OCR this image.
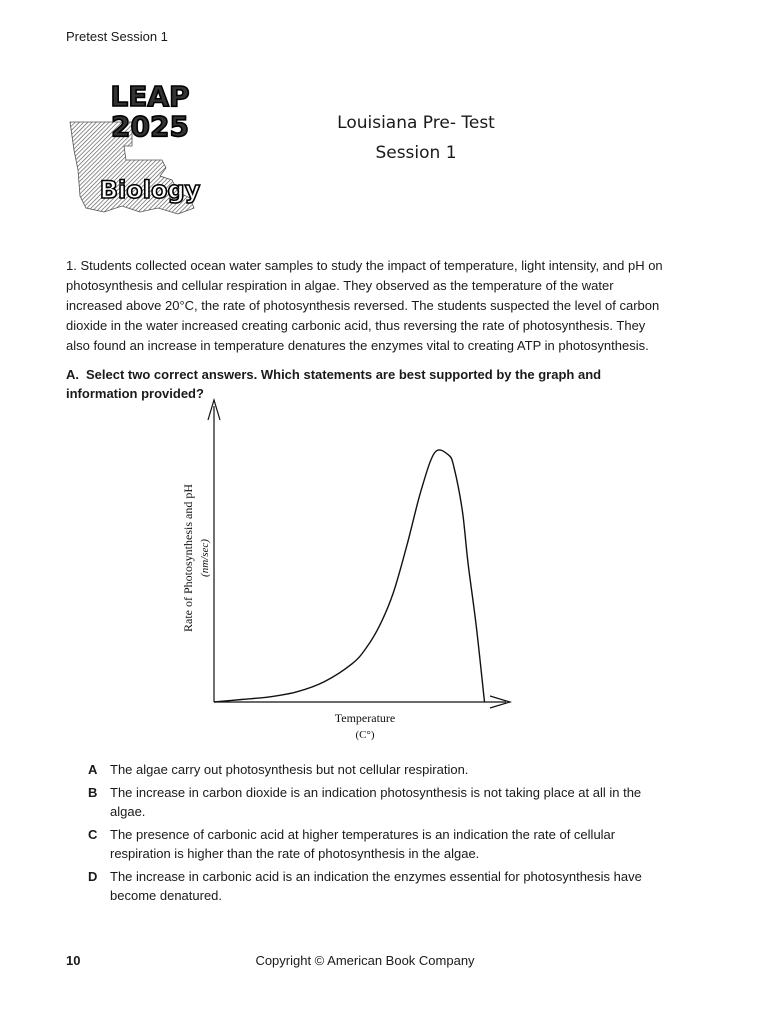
Pretest Session 1
LEAP
2025
Biology
Louisiana Pre- Test
Session 1

1. Students collected ocean water samples to study the impact of temperature, light intensity, and pH on photosynthesis and cellular respiration in algae. They observed as the temperature of the water increased above 20°C, the rate of photosynthesis reversed. The students suspected the level of carbon dioxide in the water increased creating carbonic acid, thus reversing the rate of photosynthesis. They also found an increase in temperature denatures the enzymes vital to creating ATP in photosynthesis.

A. Select two correct answers. Which statements are best supported by the graph and information provided?
Temperature
(C°)
Rate of Photosynthesis and pH (nm/sec)
A The algae carry out photosynthesis but not cellular respiration.
B The increase in carbon dioxide is an indication photosynthesis is not taking place at all in the algae.
C The presence of carbonic acid at higher temperatures is an indication the rate of cellular respiration is higher than the rate of photosynthesis in the algae.
D The increase in carbonic acid is an indication the enzymes essential for photosynthesis have become denatured.
10	Copyright © American Book Company
